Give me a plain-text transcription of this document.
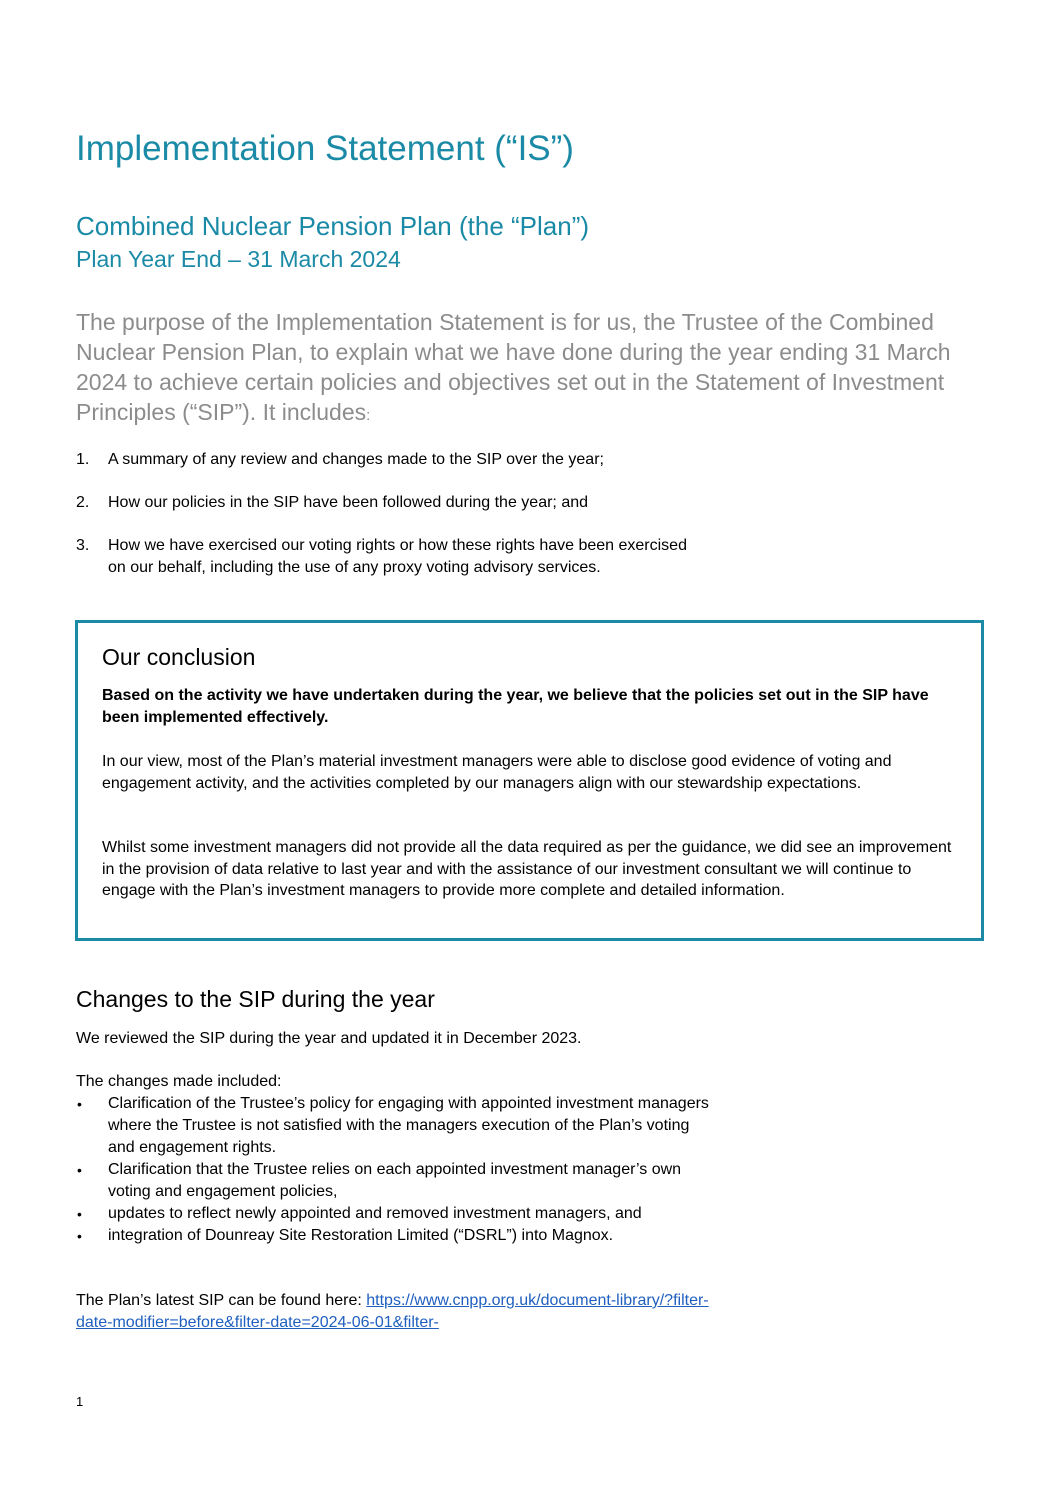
Implementation Statement (“IS”)
Combined Nuclear Pension Plan (the “Plan”)
Plan Year End – 31 March 2024

The purpose of the Implementation Statement is for us, the Trustee of the Combined Nuclear Pension Plan, to explain what we have done during the year ending 31 March 2024 to achieve certain policies and objectives set out in the Statement of Investment Principles (“SIP”). It includes:

1. A summary of any review and changes made to the SIP over the year;
2. How our policies in the SIP have been followed during the year; and
3. How we have exercised our voting rights or how these rights have been exercised on our behalf, including the use of any proxy voting advisory services.
Our conclusion

Based on the activity we have undertaken during the year, we believe that the policies set out in the SIP have been implemented effectively.

In our view, most of the Plan’s material investment managers were able to disclose good evidence of voting and engagement activity, and the activities completed by our managers align with our stewardship expectations.

Whilst some investment managers did not provide all the data required as per the guidance, we did see an improvement in the provision of data relative to last year and with the assistance of our investment consultant we will continue to engage with the Plan’s investment managers to provide more complete and detailed information.

Changes to the SIP during the year

We reviewed the SIP during the year and updated it in December 2023.

The changes made included:

• Clarification of the Trustee’s policy for engaging with appointed investment managers where the Trustee is not satisfied with the managers execution of the Plan’s voting and engagement rights.
• Clarification that the Trustee relies on each appointed investment manager’s own voting and engagement policies,
• updates to reflect newly appointed and removed investment managers, and
• integration of Dounreay Site Restoration Limited (“DSRL”) into Magnox.

The Plan’s latest SIP can be found here: https://www.cnpp.org.uk/document-library/?filter-date-modifier=before&filter-date=2024-06-01&filter-

1
